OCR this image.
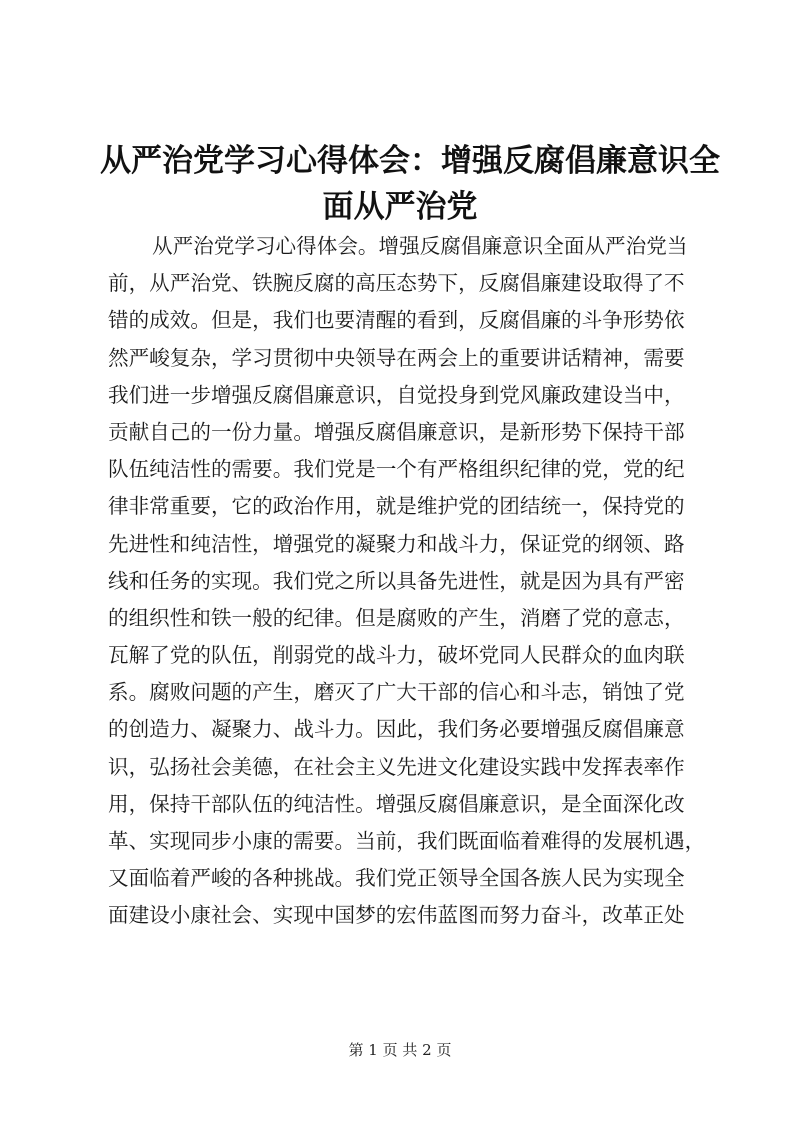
从严治党学习心得体会：增强反腐倡廉意识全
面从严治党
从严治党学习心得体会。增强反腐倡廉意识全面从严治党当
前，从严治党、铁腕反腐的高压态势下，反腐倡廉建设取得了不
错的成效。但是，我们也要清醒的看到，反腐倡廉的斗争形势依
然严峻复杂，学习贯彻中央领导在两会上的重要讲话精神，需要
我们进一步增强反腐倡廉意识，自觉投身到党风廉政建设当中，
贡献自己的一份力量。增强反腐倡廉意识，是新形势下保持干部
队伍纯洁性的需要。我们党是一个有严格组织纪律的党，党的纪
律非常重要，它的政治作用，就是维护党的团结统一，保持党的
先进性和纯洁性，增强党的凝聚力和战斗力，保证党的纲领、路
线和任务的实现。我们党之所以具备先进性，就是因为具有严密
的组织性和铁一般的纪律。但是腐败的产生，消磨了党的意志，
瓦解了党的队伍，削弱党的战斗力，破坏党同人民群众的血肉联
系。腐败问题的产生，磨灭了广大干部的信心和斗志，销蚀了党
的创造力、凝聚力、战斗力。因此，我们务必要增强反腐倡廉意
识，弘扬社会美德，在社会主义先进文化建设实践中发挥表率作
用，保持干部队伍的纯洁性。增强反腐倡廉意识，是全面深化改
革、实现同步小康的需要。当前，我们既面临着难得的发展机遇，
又面临着严峻的各种挑战。我们党正领导全国各族人民为实现全
面建设小康社会、实现中国梦的宏伟蓝图而努力奋斗，改革正处
第 1 页 共 2 页
